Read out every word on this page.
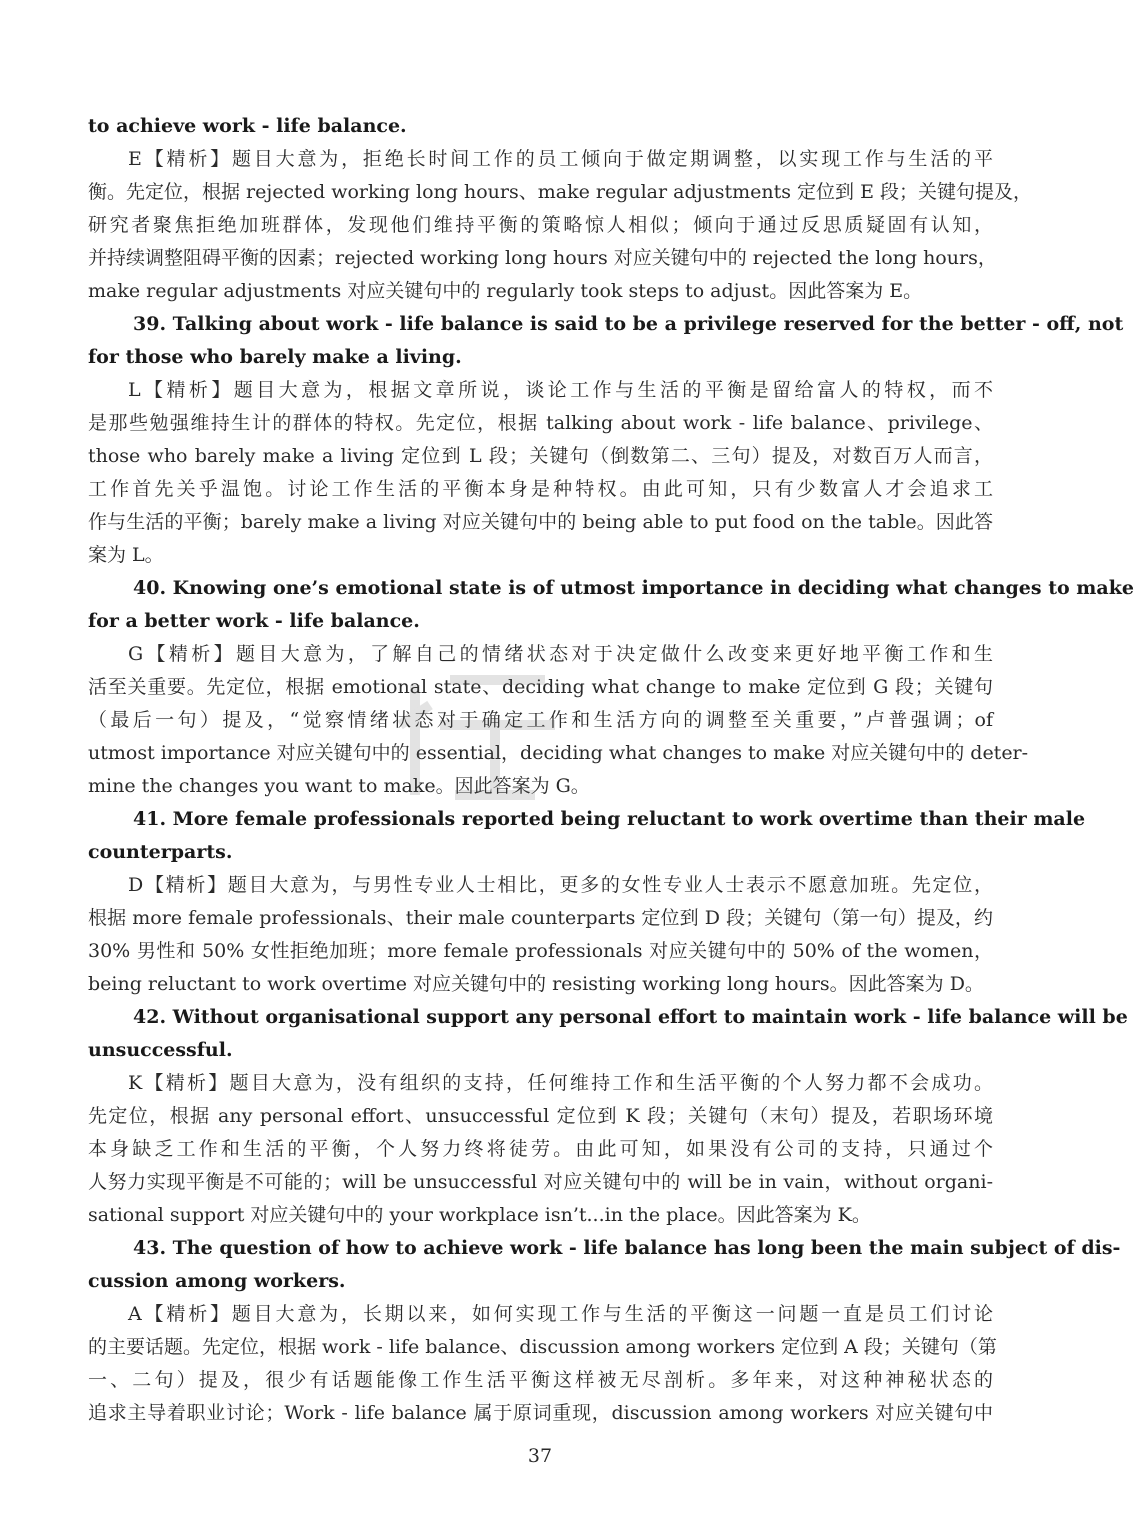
to achieve work - life balance.
E【精析】题目大意为，拒绝长时间工作的员工倾向于做定期调整，以实现工作与生活的平
衡。先定位，根据 rejected working long hours、make regular adjustments 定位到 E 段；关键句提及，
研究者聚焦拒绝加班群体，发现他们维持平衡的策略惊人相似；倾向于通过反思质疑固有认知，
并持续调整阻碍平衡的因素；rejected working long hours 对应关键句中的 rejected the long hours，
make regular adjustments 对应关键句中的 regularly took steps to adjust。因此答案为 E。
39. Talking about work - life balance is said to be a privilege reserved for the better - off, not
for those who barely make a living.
L【精析】题目大意为，根据文章所说，谈论工作与生活的平衡是留给富人的特权，而不
是那些勉强维持生计的群体的特权。先定位，根据 talking about work - life balance、privilege、
those who barely make a living 定位到 L 段；关键句（倒数第二、三句）提及，对数百万人而言，
工作首先关乎温饱。讨论工作生活的平衡本身是种特权。由此可知，只有少数富人才会追求工
作与生活的平衡；barely make a living 对应关键句中的 being able to put food on the table。因此答
案为 L。
40. Knowing one’s emotional state is of utmost importance in deciding what changes to make
for a better work - life balance.
G【精析】题目大意为，了解自己的情绪状态对于决定做什么改变来更好地平衡工作和生
活至关重要。先定位，根据 emotional state、deciding what change to make 定位到 G 段；关键句
（最后一句）提及，“觉察情绪状态对于确定工作和生活方向的调整至关重要，”卢普强调；of
utmost importance 对应关键句中的 essential，deciding what changes to make 对应关键句中的 deter-
mine the changes you want to make。因此答案为 G。
41. More female professionals reported being reluctant to work overtime than their male
counterparts.
D【精析】题目大意为，与男性专业人士相比，更多的女性专业人士表示不愿意加班。先定位，
根据 more female professionals、their male counterparts 定位到 D 段；关键句（第一句）提及，约
30% 男性和 50% 女性拒绝加班；more female professionals 对应关键句中的 50% of the women，
being reluctant to work overtime 对应关键句中的 resisting working long hours。因此答案为 D。
42. Without organisational support any personal effort to maintain work - life balance will be
unsuccessful.
K【精析】题目大意为，没有组织的支持，任何维持工作和生活平衡的个人努力都不会成功。
先定位，根据 any personal effort、unsuccessful 定位到 K 段；关键句（末句）提及，若职场环境
本身缺乏工作和生活的平衡，个人努力终将徒劳。由此可知，如果没有公司的支持，只通过个
人努力实现平衡是不可能的；will be unsuccessful 对应关键句中的 will be in vain，without organi-
sational support 对应关键句中的 your workplace isn’t...in the place。因此答案为 K。
43. The question of how to achieve work - life balance has long been the main subject of dis-
cussion among workers.
A【精析】题目大意为，长期以来，如何实现工作与生活的平衡这一问题一直是员工们讨论
的主要话题。先定位，根据 work - life balance、discussion among workers 定位到 A 段；关键句（第
一、二句）提及，很少有话题能像工作生活平衡这样被无尽剖析。多年来，对这种神秘状态的
追求主导着职业讨论；Work - life balance 属于原词重现，discussion among workers 对应关键句中
37
